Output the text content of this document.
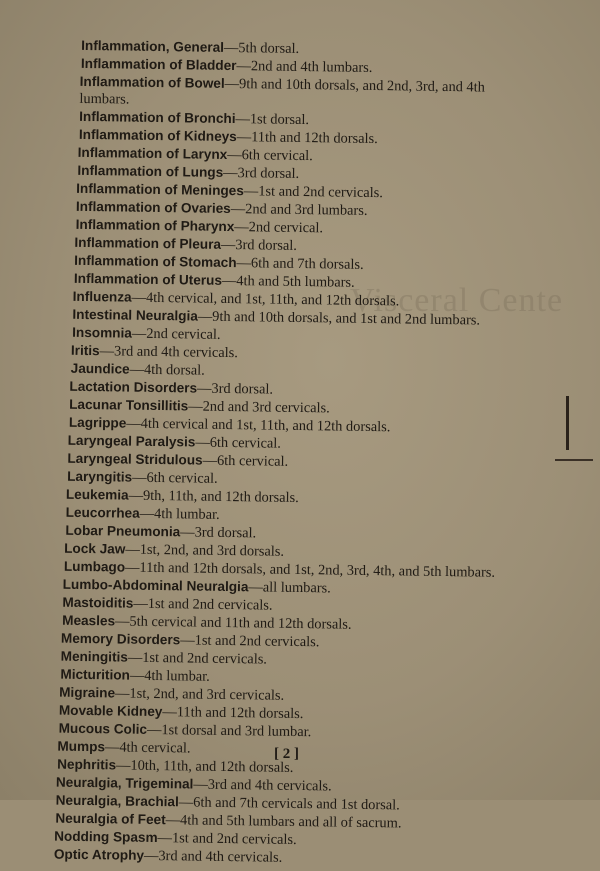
Visceral Cente
Inflammation, General—5th dorsal.
Inflammation of Bladder—2nd and 4th lumbars.
Inflammation of Bowel—9th and 10th dorsals, and 2nd, 3rd, and 4th lumbars.
Inflammation of Bronchi—1st dorsal.
Inflammation of Kidneys—11th and 12th dorsals.
Inflammation of Larynx—6th cervical.
Inflammation of Lungs—3rd dorsal.
Inflammation of Meninges—1st and 2nd cervicals.
Inflammation of Ovaries—2nd and 3rd lumbars.
Inflammation of Pharynx—2nd cervical.
Inflammation of Pleura—3rd dorsal.
Inflammation of Stomach—6th and 7th dorsals.
Inflammation of Uterus—4th and 5th lumbars.
Influenza—4th cervical, and 1st, 11th, and 12th dorsals.
Intestinal Neuralgia—9th and 10th dorsals, and 1st and 2nd lumbars.
Insomnia—2nd cervical.
Iritis—3rd and 4th cervicals.
Jaundice—4th dorsal.
Lactation Disorders—3rd dorsal.
Lacunar Tonsillitis—2nd and 3rd cervicals.
Lagrippe—4th cervical and 1st, 11th, and 12th dorsals.
Laryngeal Paralysis—6th cervical.
Laryngeal Stridulous—6th cervical.
Laryngitis—6th cervical.
Leukemia—9th, 11th, and 12th dorsals.
Leucorrhea—4th lumbar.
Lobar Pneumonia—3rd dorsal.
Lock Jaw—1st, 2nd, and 3rd dorsals.
Lumbago—11th and 12th dorsals, and 1st, 2nd, 3rd, 4th, and 5th lumbars.
Lumbo-Abdominal Neuralgia—all lumbars.
Mastoiditis—1st and 2nd cervicals.
Measles—5th cervical and 11th and 12th dorsals.
Memory Disorders—1st and 2nd cervicals.
Meningitis—1st and 2nd cervicals.
Micturition—4th lumbar.
Migraine—1st, 2nd, and 3rd cervicals.
Movable Kidney—11th and 12th dorsals.
Mucous Colic—1st dorsal and 3rd lumbar.
Mumps—4th cervical.
Nephritis—10th, 11th, and 12th dorsals.
Neuralgia, Trigeminal—3rd and 4th cervicals.
Neuralgia, Brachial—6th and 7th cervicals and 1st dorsal.
Neuralgia of Feet—4th and 5th lumbars and all of sacrum.
Nodding Spasm—1st and 2nd cervicals.
Optic Atrophy—3rd and 4th cervicals.
[ 2 ]
